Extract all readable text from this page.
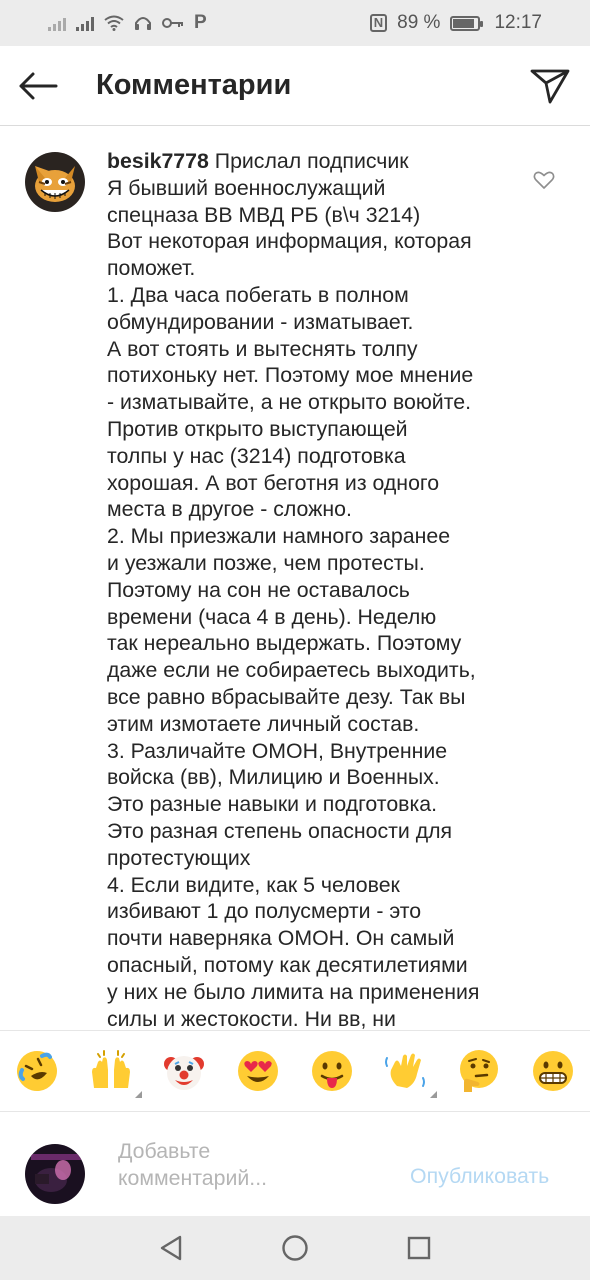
P	N 89 %	12:17
Комментарии
besik7778 Прислал подписчик
Я бывший военнослужащий
спецназа ВВ МВД РБ (в\ч 3214)
Вот некоторая информация, которая
поможет.
1. Два часа побегать в полном
обмундировании - изматывает.
А вот стоять и вытеснять толпу
потихоньку нет. Поэтому мое мнение
- изматывайте, а не открыто воюйте.
Против открыто выступающей
толпы у нас (3214) подготовка
хорошая. А вот беготня из одного
места в другое - сложно.
2. Мы приезжали намного заранее
и уезжали позже, чем протесты.
Поэтому на сон не оставалось
времени (часа 4 в день). Неделю
так нереально выдержать. Поэтому
даже если не собираетесь выходить,
все равно вбрасывайте дезу. Так вы
этим измотаете личный состав.
3. Различайте ОМОН, Внутренние
войска (вв), Милицию и Военных.
Это разные навыки и подготовка.
Это разная степень опасности для
протестующих
4. Если видите, как 5 человек
избивают 1 до полусмерти - это
почти наверняка ОМОН. Он самый
опасный, потому как десятилетиями
у них не было лимита на применения
силы и жестокости. Ни вв, ни
Добавьте
комментарий...	Опубликовать
